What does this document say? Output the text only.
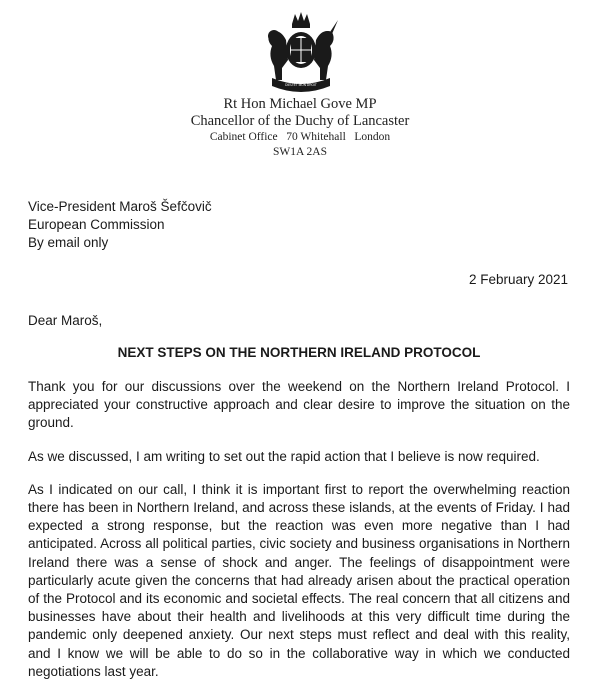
DIEU ET MON DROIT
Rt Hon Michael Gove MP
Chancellor of the Duchy of Lancaster
Cabinet Office   70 Whitehall   London
SW1A 2AS
Vice-President Maroš Šefčovič
European Commission
By email only
2 February 2021
Dear Maroš,
NEXT STEPS ON THE NORTHERN IRELAND PROTOCOL

Thank you for our discussions over the weekend on the Northern Ireland Protocol. I appreciated your constructive approach and clear desire to improve the situation on the ground.

As we discussed, I am writing to set out the rapid action that I believe is now required.

As I indicated on our call, I think it is important first to report the overwhelming reaction there has been in Northern Ireland, and across these islands, at the events of Friday. I had expected a strong response, but the reaction was even more negative than I had anticipated. Across all political parties, civic society and business organisations in Northern Ireland there was a sense of shock and anger. The feelings of disappointment were particularly acute given the concerns that had already arisen about the practical operation of the Protocol and its economic and societal effects. The real concern that all citizens and businesses have about their health and livelihoods at this very difficult time during the pandemic only deepened anxiety. Our next steps must reflect and deal with this reality, and I know we will be able to do so in the collaborative way in which we conducted negotiations last year.
